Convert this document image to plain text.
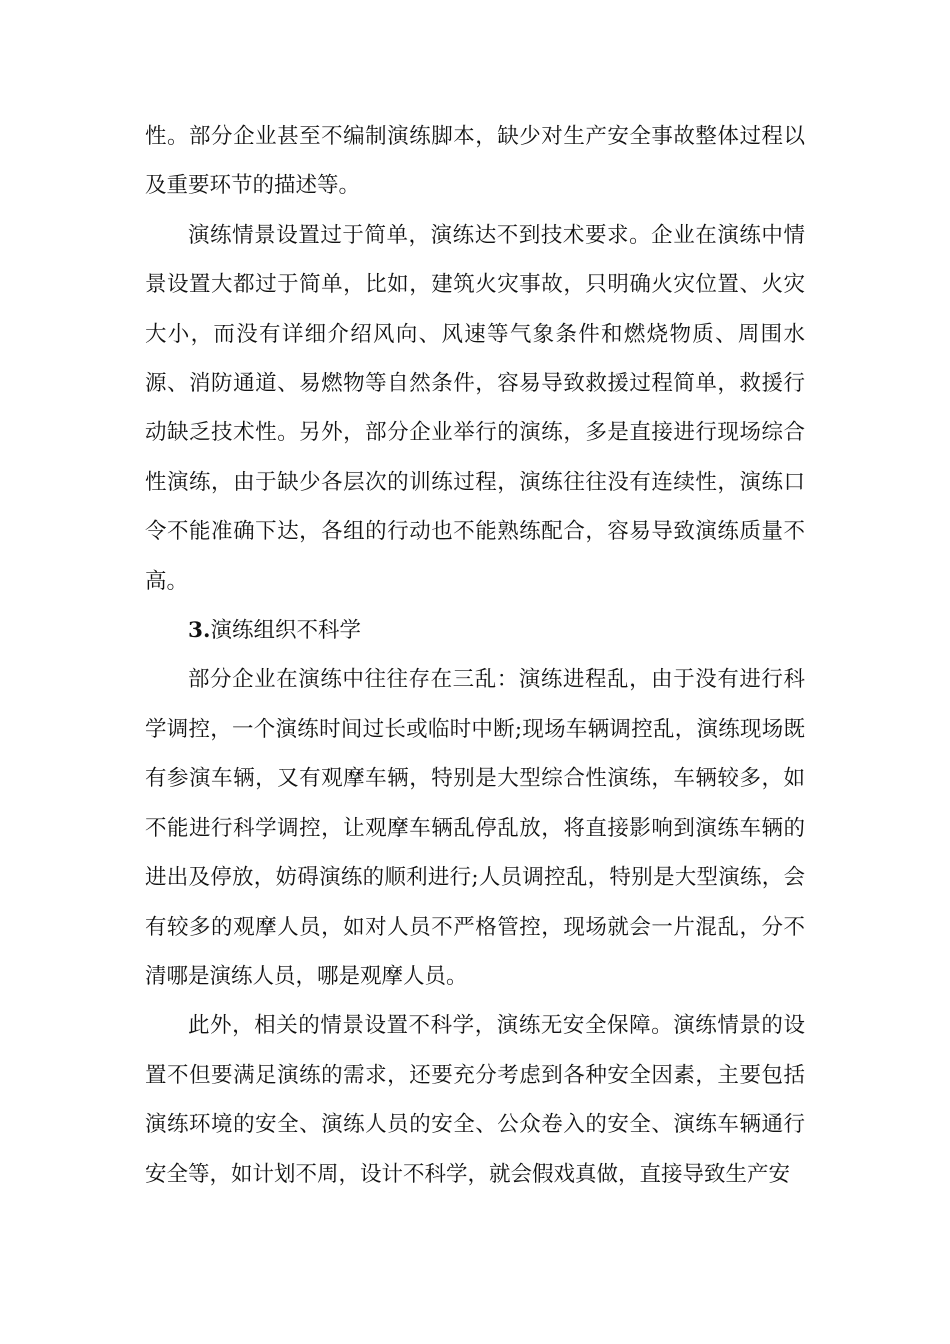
性。部分企业甚至不编制演练脚本，缺少对生产安全事故整体过程以及重要环节的描述等。

演练情景设置过于简单，演练达不到技术要求。企业在演练中情景设置大都过于简单，比如，建筑火灾事故，只明确火灾位置、火灾大小，而没有详细介绍风向、风速等气象条件和燃烧物质、周围水源、消防通道、易燃物等自然条件，容易导致救援过程简单，救援行动缺乏技术性。另外，部分企业举行的演练，多是直接进行现场综合性演练，由于缺少各层次的训练过程，演练往往没有连续性，演练口令不能准确下达，各组的行动也不能熟练配合，容易导致演练质量不高。

3.演练组织不科学

部分企业在演练中往往存在三乱：演练进程乱，由于没有进行科学调控，一个演练时间过长或临时中断;现场车辆调控乱，演练现场既有参演车辆，又有观摩车辆，特别是大型综合性演练，车辆较多，如不能进行科学调控，让观摩车辆乱停乱放，将直接影响到演练车辆的进出及停放，妨碍演练的顺利进行;人员调控乱，特别是大型演练，会有较多的观摩人员，如对人员不严格管控，现场就会一片混乱，分不清哪是演练人员，哪是观摩人员。

此外，相关的情景设置不科学，演练无安全保障。演练情景的设置不但要满足演练的需求，还要充分考虑到各种安全因素，主要包括演练环境的安全、演练人员的安全、公众卷入的安全、演练车辆通行安全等，如计划不周，设计不科学，就会假戏真做，直接导致生产安
